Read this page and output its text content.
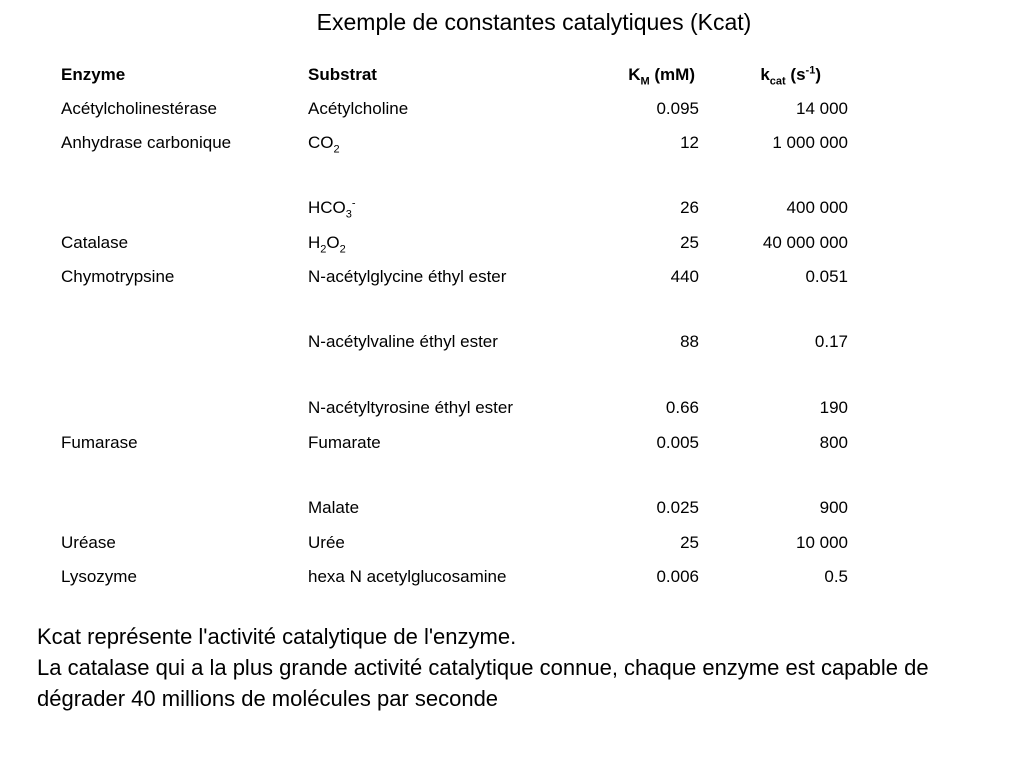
Exemple de constantes catalytiques (Kcat)
Enzyme	Substrat	$K_M$ (mM)	$k_{cat}$ $(s^{-1})$
Acétylcholinestérase	Acétylcholine	0.095	14 000
Anhydrase carbonique	$CO_2$	12	1 000 000
	$HCO_3^-$	26	400 000
Catalase	$H_2O_2$	25	40 000 000
Chymotrypsine	N-acétylglycine éthyl ester	440	0.051
	N-acétylvaline éthyl ester	88	0.17
	N-acétyltyrosine éthyl ester	0.66	190
Fumarase	Fumarate	0.005	800
	Malate	0.025	900
Uréase	Urée	25	10 000
Lysozyme	hexa N acetylglucosamine	0.006	0.5

Kcat représente l'activité catalytique de l'enzyme.

La catalase qui a la plus grande activité catalytique connue, chaque enzyme est capable de dégrader 40 millions de molécules par seconde
